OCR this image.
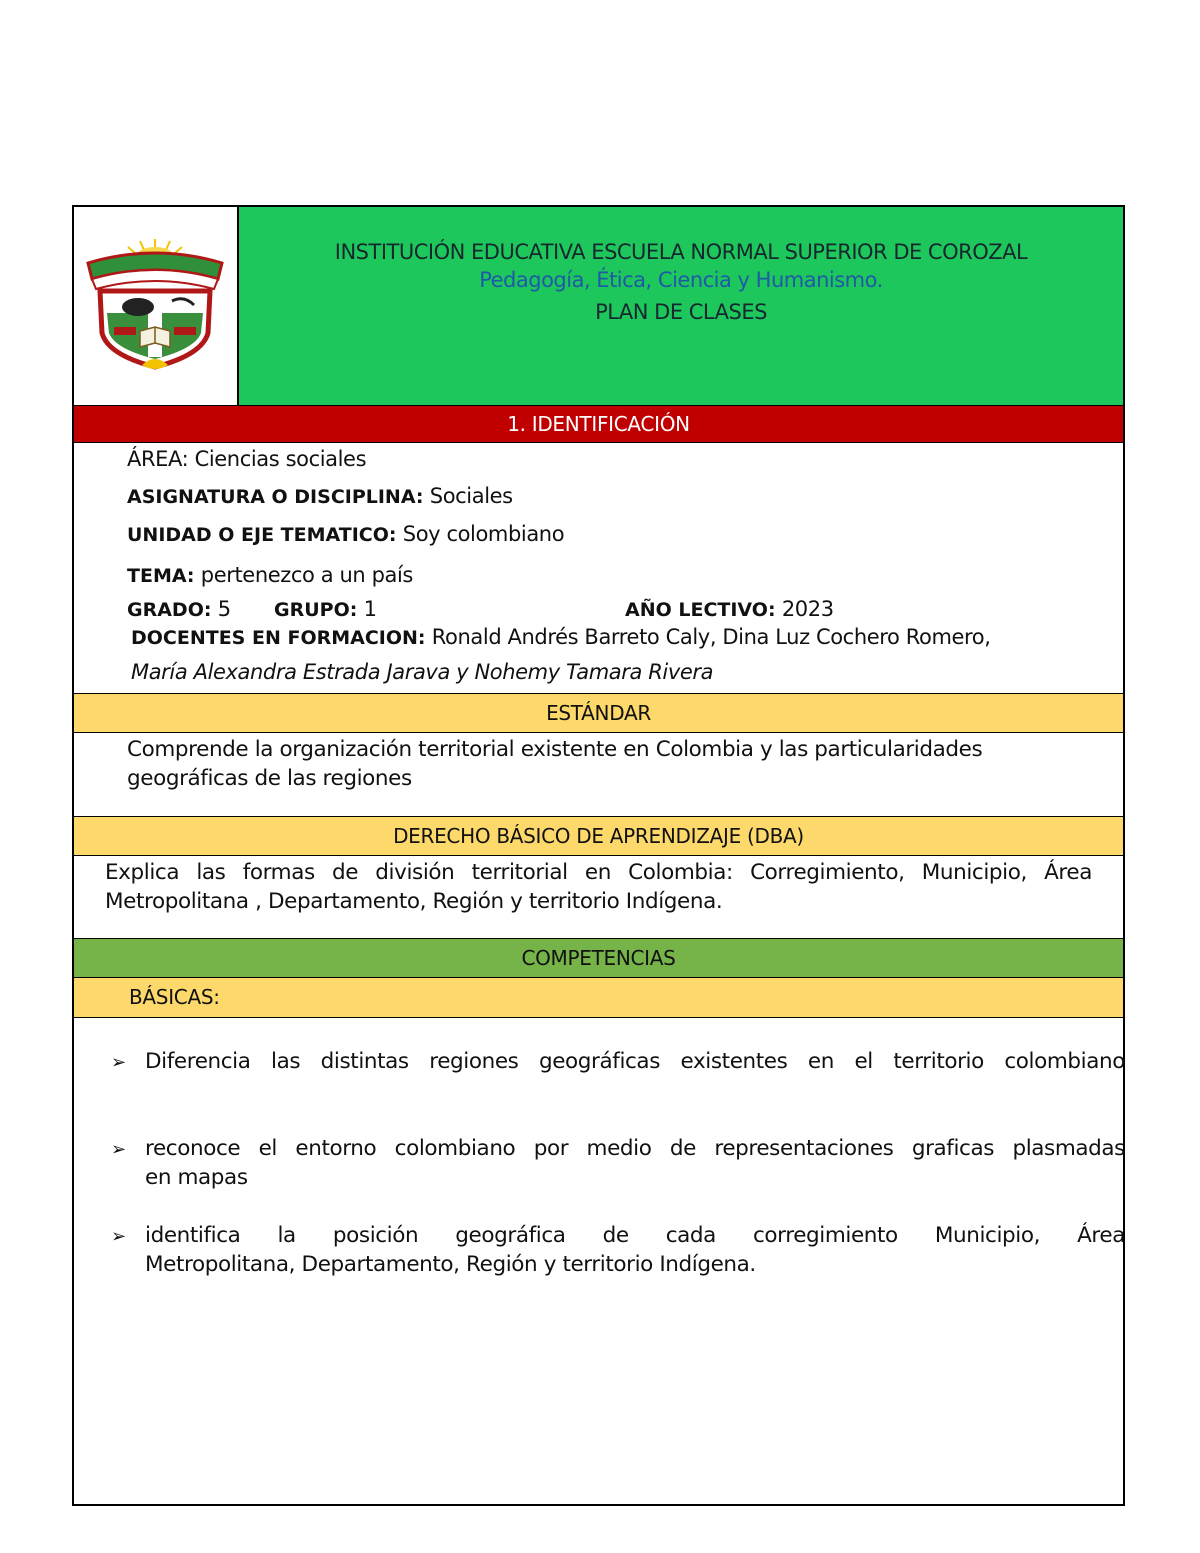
INSTITUCIÓN EDUCATIVA ESCUELA NORMAL SUPERIOR DE COROZAL
Pedagogía, Ética, Ciencia y Humanismo.
PLAN DE CLASES
1. IDENTIFICACIÓN
ÁREA: Ciencias sociales
ASIGNATURA O DISCIPLINA: Sociales
UNIDAD O EJE TEMATICO: Soy colombiano
TEMA: pertenezco a un país
GRADO: 5 GRUPO: 1	AÑO LECTIVO: 2023
DOCENTES EN FORMACION: Ronald Andrés Barreto Caly, Dina Luz Cochero Romero,
María Alexandra Estrada Jarava y Nohemy Tamara Rivera
ESTÁNDAR
Comprende la organización territorial existente en Colombia y las particularidades
geográficas de las regiones
DERECHO BÁSICO DE APRENDIZAJE (DBA)
Explica las formas de división territorial en Colombia: Corregimiento, Municipio, Área
Metropolitana , Departamento, Región y territorio Indígena.
COMPETENCIAS
BÁSICAS:
➢ Diferencia las distintas regiones geográficas existentes en el territorio colombiano
➢ reconoce el entorno colombiano por medio de representaciones graficas plasmadas
en mapas
➢ identifica la posición geográfica de cada corregimiento Municipio, Área
Metropolitana, Departamento, Región y territorio Indígena.
